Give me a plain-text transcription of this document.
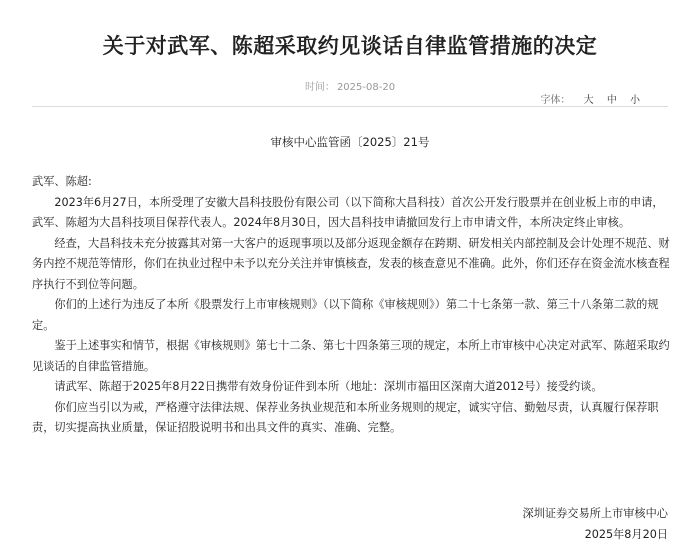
关于对武军、陈超采取约见谈话自律监管措施的决定
时间： 2025-08-20
字体： 大 中 小
审核中心监管函〔2025〕21号

武军、陈超:

2023年6月27日，本所受理了安徽大昌科技股份有限公司（以下简称大昌科技）首次公开发行股票并在创业板上市的申请，武军、陈超为大昌科技项目保荐代表人。2024年8月30日，因大昌科技申请撤回发行上市申请文件，本所决定终止审核。

经查，大昌科技未充分披露其对第一大客户的返现事项以及部分返现金额存在跨期、研发相关内部控制及会计处理不规范、财务内控不规范等情形，你们在执业过程中未予以充分关注并审慎核查，发表的核查意见不准确。此外，你们还存在资金流水核查程序执行不到位等问题。

你们的上述行为违反了本所《股票发行上市审核规则》（以下简称《审核规则》）第二十七条第一款、第三十八条第二款的规定。

鉴于上述事实和情节，根据《审核规则》第七十二条、第七十四条第三项的规定，本所上市审核中心决定对武军、陈超采取约见谈话的自律监管措施。

请武军、陈超于2025年8月22日携带有效身份证件到本所（地址：深圳市福田区深南大道2012号）接受约谈。

你们应当引以为戒，严格遵守法律法规、保荐业务执业规范和本所业务规则的规定，诚实守信、勤勉尽责，认真履行保荐职责，切实提高执业质量，保证招股说明书和出具文件的真实、准确、完整。

深圳证券交易所上市审核中心
2025年8月20日
